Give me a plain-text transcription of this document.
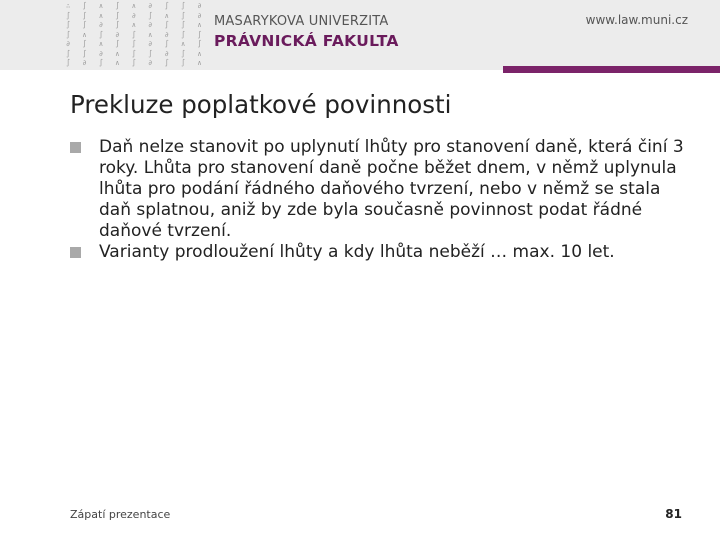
∴ ∫ ∧ ∫ ∧ ∂ ∫ ∫ ∂
∫ ∫ ∧ ∫ ∂ ∫ ∧ ∫ ∂
∫ ∫ ∂ ∫ ∧ ∂ ∫ ∫ ∧
∫ ∧ ∫ ∂ ∫ ∧ ∂ ∫ ∫
∂ ∫ ∧ ∫ ∫ ∂ ∫ ∧ ∫
∫ ∫ ∂ ∧ ∫ ∫ ∂ ∫ ∧
∫ ∂ ∫ ∧ ∫ ∂ ∫ ∫ ∧
MASARYKOVA UNIVERZITA
PRÁVNICKÁ FAKULTA
www.law.muni.cz
Prekluze poplatkové povinnosti
Daň nelze stanovit po uplynutí lhůty pro stanovení daně, která činí 3 roky. Lhůta pro stanovení daně počne běžet dnem, v němž uplynula lhůta pro podání řádného daňového tvrzení, nebo v němž se stala daň splatnou, aniž by zde byla současně povinnost podat řádné daňové tvrzení.
Varianty prodloužení lhůty a kdy lhůta neběží … max. 10 let.
Zápatí prezentace	81
